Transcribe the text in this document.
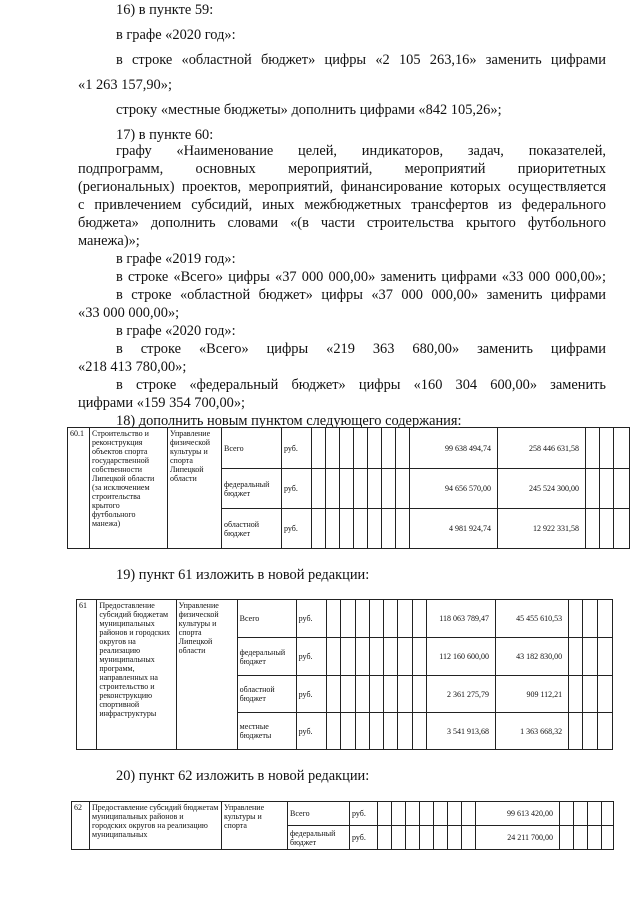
16) в пункте 59:
в графе «2020 год»:
в строке «областной бюджет» цифры «2 105 263,16» заменить цифрами
«1 263 157,90»;
строку «местные бюджеты» дополнить цифрами «842 105,26»;
17) в пункте 60:
графу «Наименование целей, индикаторов, задач, показателей,
подпрограмм, основных мероприятий, мероприятий приоритетных
(региональных) проектов, мероприятий, финансирование которых осуществляется
с привлечением субсидий, иных межбюджетных трансфертов из федерального
бюджета» дополнить словами «(в части строительства крытого футбольного
манежа)»;
в графе «2019 год»:
в строке «Всего» цифры «37 000 000,00» заменить цифрами «33 000 000,00»;
в строке «областной бюджет» цифры «37 000 000,00» заменить цифрами
«33 000 000,00»;
в графе «2020 год»:
в строке «Всего» цифры «219 363 680,00» заменить цифрами
«218 413 780,00»;
в строке «федеральный бюджет» цифры «160 304 600,00» заменить
цифрами «159 354 700,00»;
18) дополнить новым пунктом следующего содержания:
60.1	Строительство и реконструкция объектов спорта государственной собственности Липецкой области (за исключением строительства крытого футбольного манежа)	Управление физической культуры и спорта Липецкой области	Всего	руб.								99 638 494,74	258 446 631,58			
			федеральный бюджет	руб.								94 656 570,00	245 524 300,00			
			областной бюджет	руб.								4 981 924,74	12 922 331,58			
19) пункт 61 изложить в новой редакции:
61	Предоставление субсидий бюджетам муниципальных районов и городских округов на реализацию муниципальных программ, направленных на строительство и реконструкцию спортивной инфраструктуры	Управление физической культуры и спорта Липецкой области	Всего	руб.								118 063 789,47	45 455 610,53			
			федеральный бюджет	руб.								112 160 600,00	43 182 830,00			
			областной бюджет	руб.								2 361 275,79	909 112,21			
			местные бюджеты	руб.								3 541 913,68	1 363 668,32			
20) пункт 62 изложить в новой редакции:
62	Предоставление субсидий бюджетам муниципальных районов и городских округов на реализацию муниципальных	Управление культуры и спорта	Всего	руб.								99 613 420,00				
			федеральный бюджет	руб.								24 211 700,00				
